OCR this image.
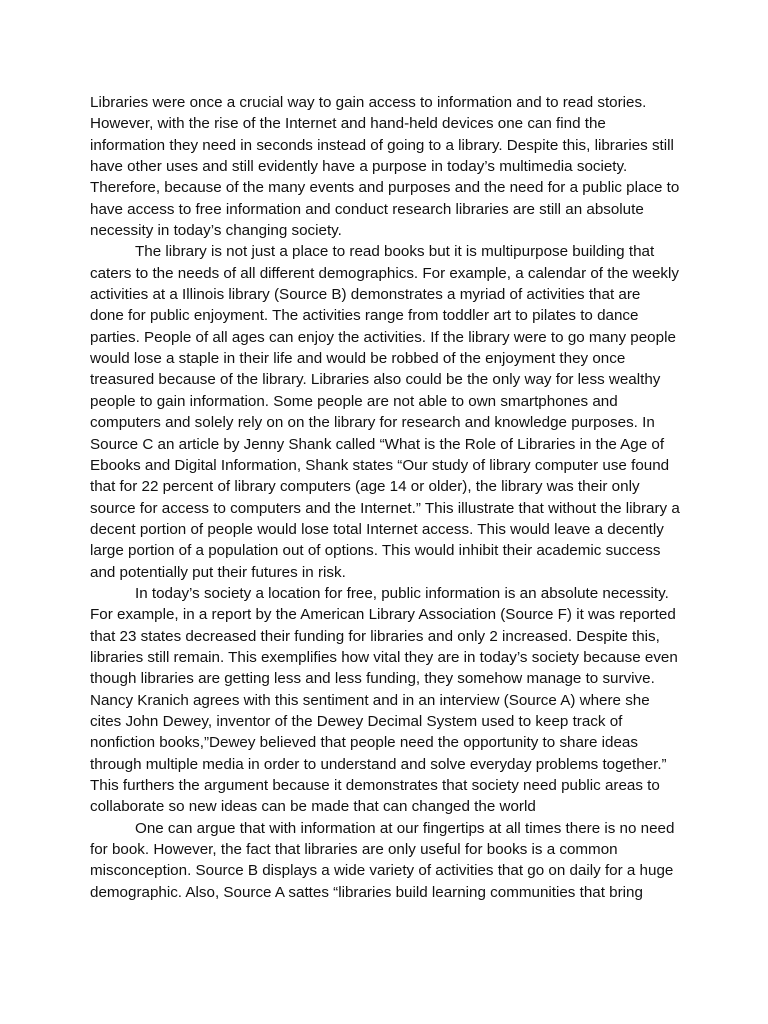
Libraries were once a crucial way to gain access to information and to read stories.

However, with the rise of the Internet and hand-held devices one can find the

information they need in seconds instead of going to a library. Despite this, libraries still

have other uses and still evidently have a purpose in today’s multimedia society.

Therefore, because of the many events and purposes and the need for a public place to

have access to free information and conduct research libraries are still an absolute

necessity in today’s changing society.

The library is not just a place to read books but it is multipurpose building that

caters to the needs of all different demographics. For example, a calendar of the weekly

activities at a Illinois library (Source B) demonstrates a myriad of activities that are

done for public enjoyment. The activities range from toddler art to pilates to dance

parties. People of all ages can enjoy the activities. If the library were to go many people

would lose a staple in their life and would be robbed of the enjoyment they once

treasured because of the library. Libraries also could be the only way for less wealthy

people to gain information. Some people are not able to own smartphones and

computers and solely rely on on the library for research and knowledge purposes. In

Source C an article by Jenny Shank called “What is the Role of Libraries in the Age of

Ebooks and Digital Information, Shank states “Our study of library computer use found

that for 22 percent of library computers (age 14 or older), the library was their only

source for access to computers and the Internet.” This illustrate that without the library a

decent portion of people would lose total Internet access. This would leave a decently

large portion of a population out of options. This would inhibit their academic success

and potentially put their futures in risk.

In today’s society a location for free, public information is an absolute necessity.

For example, in a report by the American Library Association (Source F) it was reported

that 23 states decreased their funding for libraries and only 2 increased. Despite this,

libraries still remain. This exemplifies how vital they are in today’s society because even

though libraries are getting less and less funding, they somehow manage to survive.

Nancy Kranich agrees with this sentiment and in an interview (Source A) where she

cites John Dewey, inventor of the Dewey Decimal System used to keep track of

nonfiction books,”Dewey believed that people need the opportunity to share ideas

through multiple media in order to understand and solve everyday problems together.”

This furthers the argument because it demonstrates that society need public areas to

collaborate so new ideas can be made that can changed the world

One can argue that with information at our fingertips at all times there is no need

for book. However, the fact that libraries are only useful for books is a common

misconception. Source B displays a wide variety of activities that go on daily for a huge

demographic. Also, Source A sattes “libraries build learning communities that bring
